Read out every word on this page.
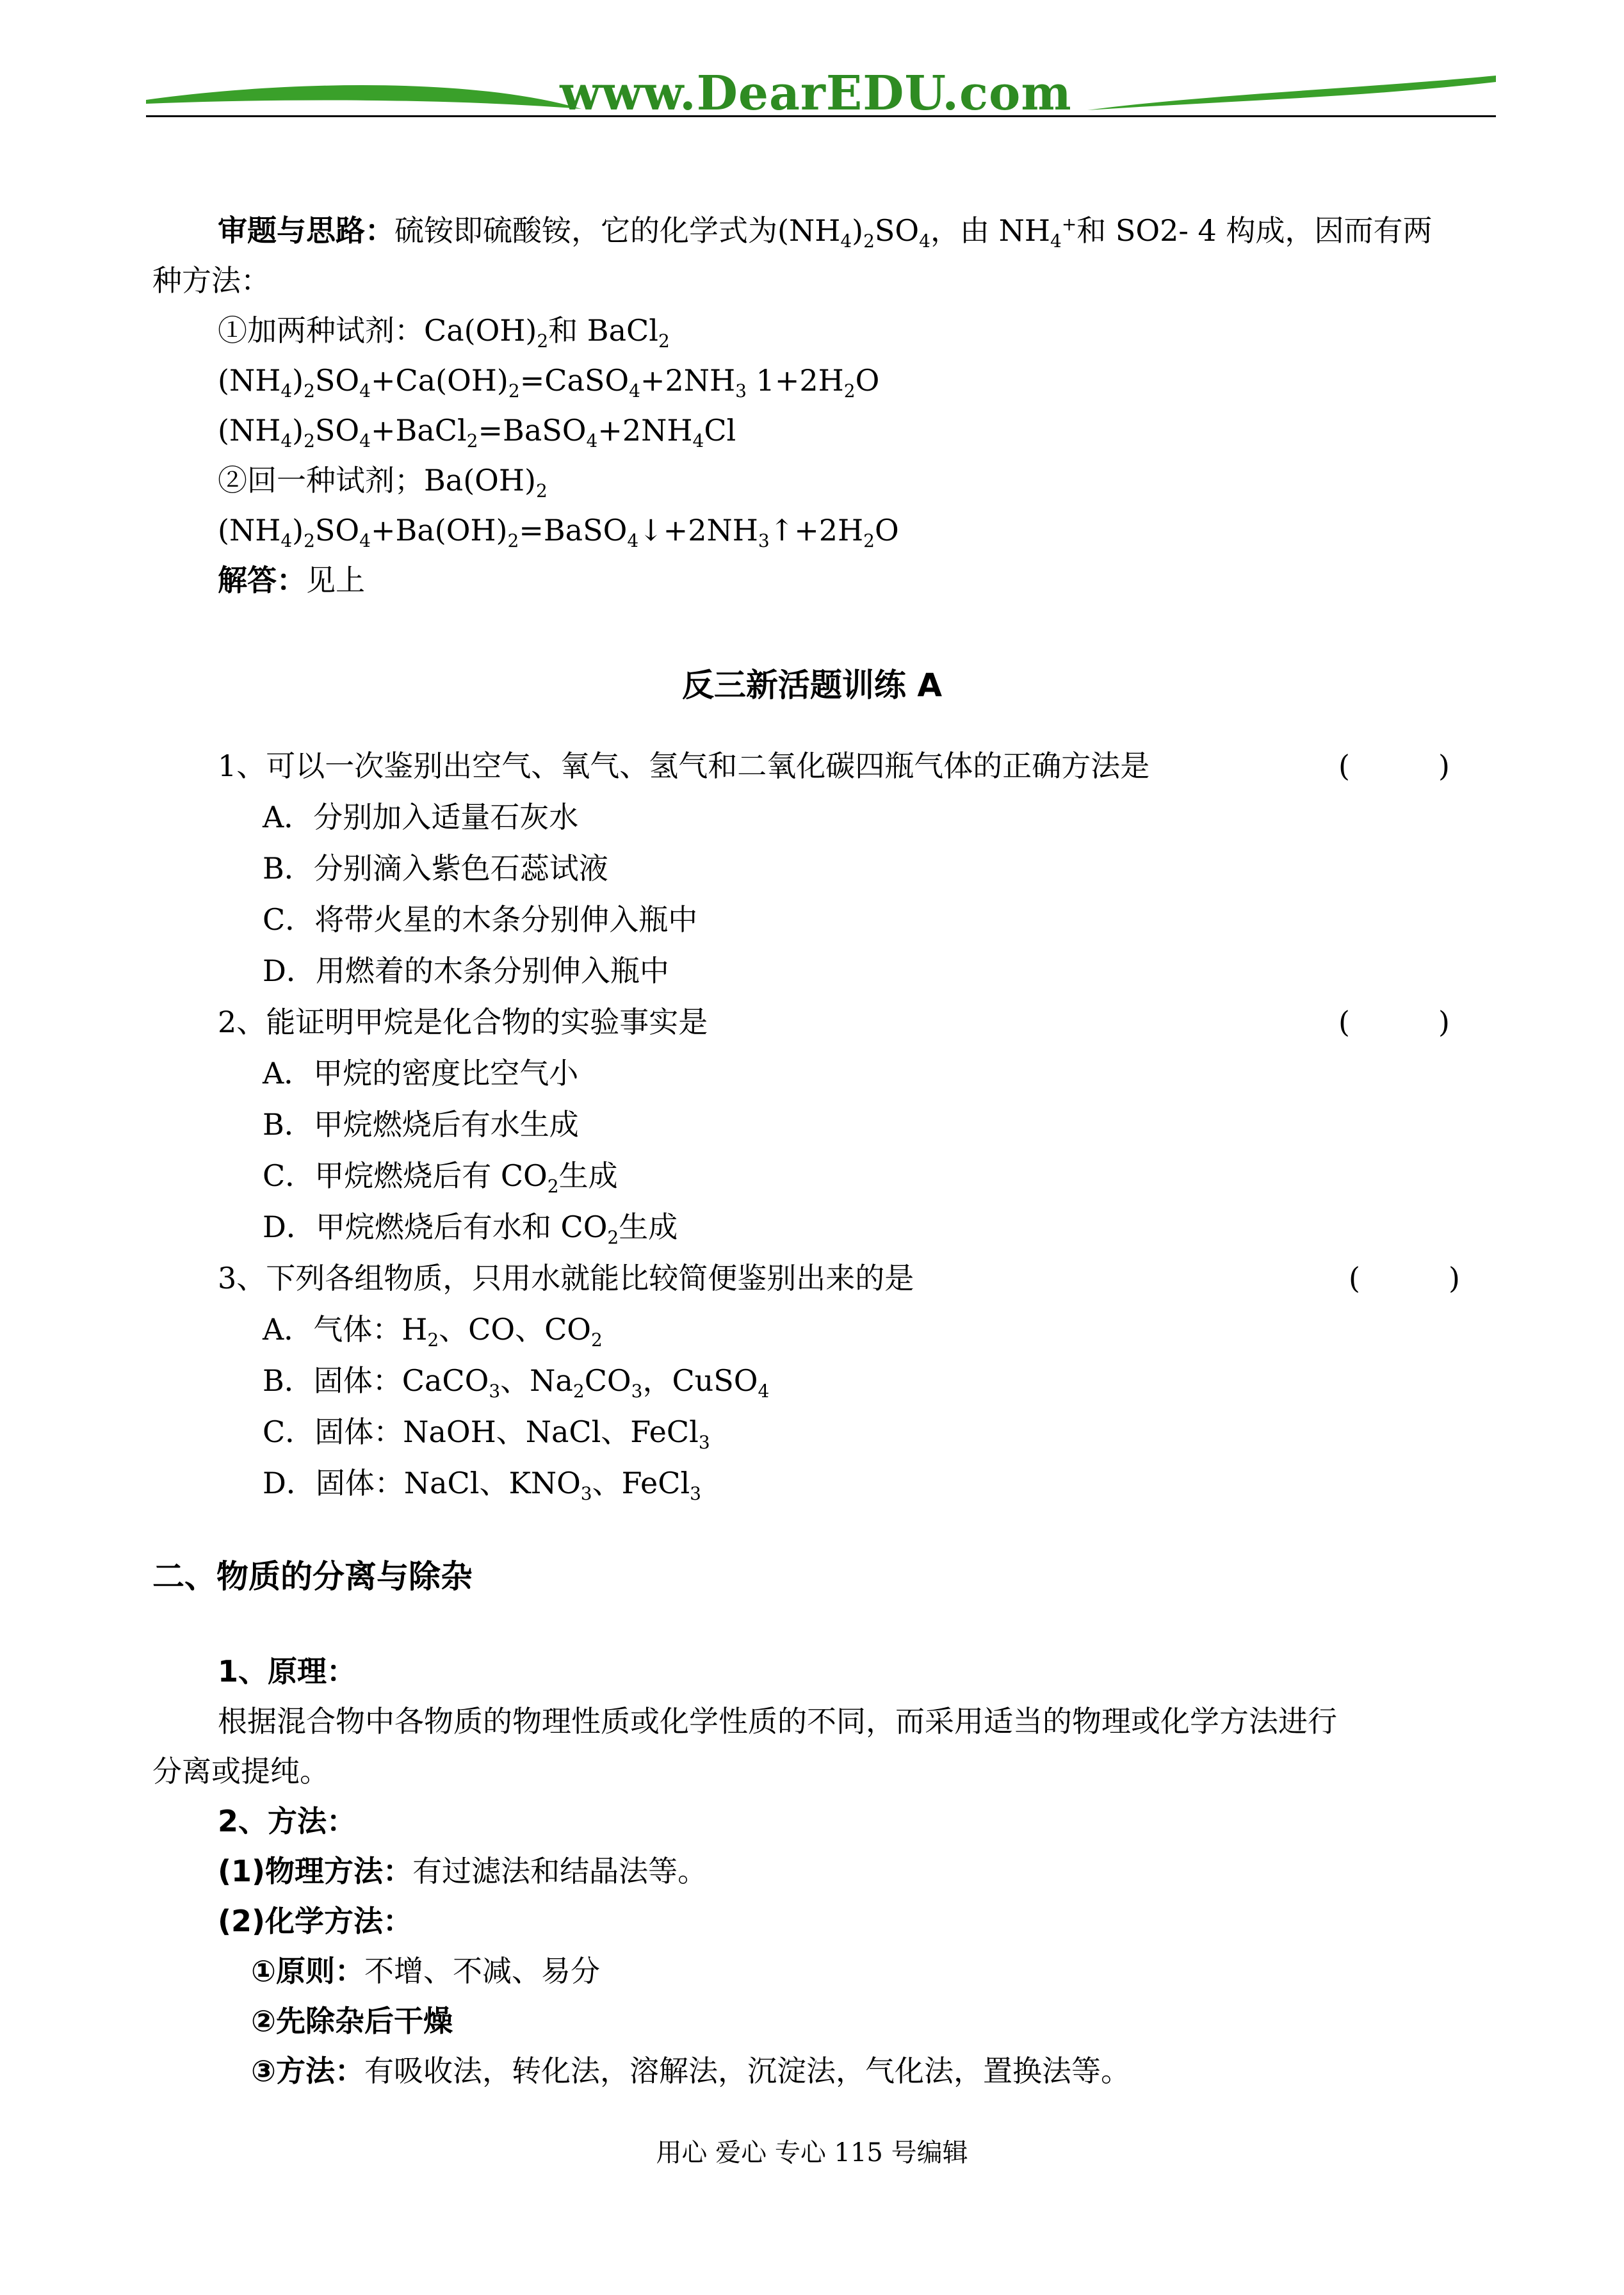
www.DearEDU.com
审题与思路：硫铵即硫酸铵，它的化学式为$(NH_4)_2SO_4$，由 $NH_4^+$和 SO2- 4 构成，因而有两
种方法：
①加两种试剂：$Ca(OH)_2$和 BaCl$_2$
$(NH_4)_2SO_4+Ca(OH)_2=CaSO_4+2NH_3$ $1+2H_2O$
$(NH_4)_2SO_4+BaCl_2=BaSO_4+2NH_4Cl$
②回一种试剂；$Ba(OH)_2$
$(NH_4)_2SO_4+Ba(OH)_2=BaSO_4↓+2NH_3↑+2H_2O$
解答：见上
反三新活题训练 A
1、可以一次鉴别出空气、氧气、氢气和二氧化碳四瓶气体的正确方法是	(　　　)
A．分别加入适量石灰水
B．分别滴入紫色石蕊试液
C．将带火星的木条分别伸入瓶中
D．用燃着的木条分别伸入瓶中
2、能证明甲烷是化合物的实验事实是	(　　　)
A．甲烷的密度比空气小
B．甲烷燃烧后有水生成
C．甲烷燃烧后有 $CO_2$生成
D．甲烷燃烧后有水和 $CO_2$生成
3、下列各组物质，只用水就能比较简便鉴别出来的是	(　　　)
A．气体：$H_2$、CO、$CO_2$
B．固体：CaCO$_3$、$Na_2CO_3$，CuSO$_4$
C．固体：NaOH、NaCl、FeCl$_3$
D．固体：NaCl、$KNO_3$、FeCl$_3$
二、物质的分离与除杂
1、原理：
根据混合物中各物质的物理性质或化学性质的不同，而采用适当的物理或化学方法进行
分离或提纯。
2、方法：
(1)物理方法：有过滤法和结晶法等。
(2)化学方法：
①原则：不增、不减、易分
②先除杂后干燥
③方法：有吸收法，转化法，溶解法，沉淀法，气化法，置换法等。
用心 爱心 专心 115 号编辑
